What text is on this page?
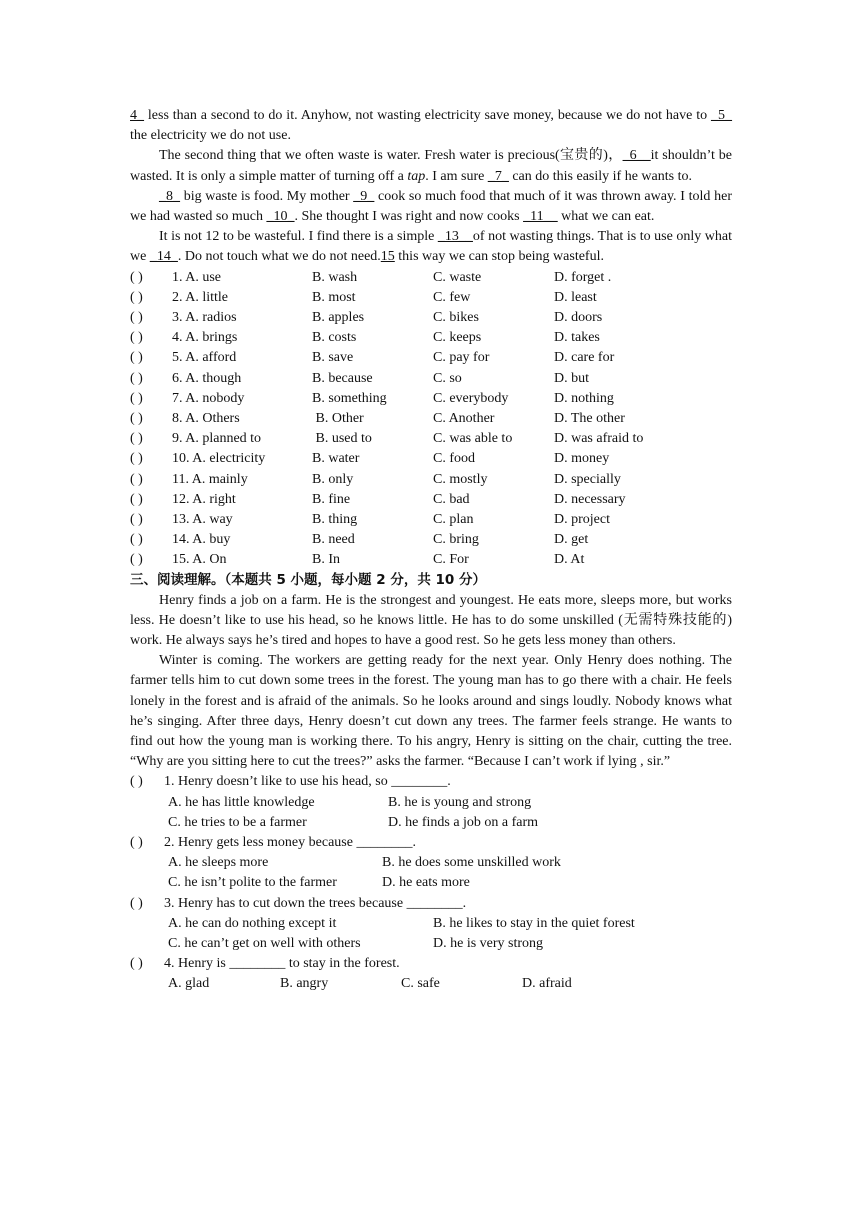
4_ less than a second to do it. Anyhow, not wasting electricity save money, because we do not have to _5_ the electricity we do not use.

The second thing that we often waste is water. Fresh water is precious(宝贵的)，_6__it shouldn’t be wasted. It is only a simple matter of turning off a tap. I am sure _7_ can do this easily if he wants to.

_8_ big waste is food. My mother _9_ cook so much food that much of it was thrown away. I told her we had wasted so much _10_. She thought I was right and now cooks _11__ what we can eat.

It is not 12 to be wasteful. I find there is a simple _13__of not wasting things. That is to use only what we _14_. Do not touch what we do not need.15 this way we can stop being wasteful.

( )	1. A. use	B. wash	C. waste	D. forget .
( )	2. A. little	B. most	C. few	D. least
( )	3. A. radios	B. apples	C. bikes	D. doors
( )	4. A. brings	B. costs	C. keeps	D. takes
( )	5. A. afford	B. save	C. pay for	D. care for
( )	6. A. though	B. because	C. so	D. but
( )	7. A. nobody	B. something	C. everybody	D. nothing
( )	8. A. Others	B. Other	C. Another	D. The other
( )	9. A. planned to	B. used to	C. was able to	D. was afraid to
( )	10. A. electricity	B. water	C. food	D. money
( )	11. A. mainly	B. only	C. mostly	D. specially
( )	12. A. right	B. fine	C. bad	D. necessary
( )	13. A. way	B. thing	C. plan	D. project
( )	14. A. buy	B. need	C. bring	D. get
( )	15. A. On	B. In	C. For	D. At
三、阅读理解。（本题共 5 小题，每小题 2 分，共 10 分）

Henry finds a job on a farm. He is the strongest and youngest. He eats more, sleeps more, but works less. He doesn’t like to use his head, so he knows little. He has to do some unskilled (无需特殊技能的) work. He always says he’s tired and hopes to have a good rest. So he gets less money than others.

Winter is coming. The workers are getting ready for the next year. Only Henry does nothing. The farmer tells him to cut down some trees in the forest. The young man has to go there with a chair. He feels lonely in the forest and is afraid of the animals. So he looks around and sings loudly. Nobody knows what he’s singing. After three days, Henry doesn’t cut down any trees. The farmer feels strange. He wants to find out how the young man is working there. To his angry, Henry is sitting on the chair, cutting the tree. “Why are you sitting here to cut the trees?” asks the farmer. “Because I can’t work if lying , sir.”

( )	1. Henry doesn’t like to use his head, so ________.
A. he has little knowledge	B. he is young and strong
C. he tries to be a farmer	D. he finds a job on a farm
( )	2. Henry gets less money because ________.
A. he sleeps more	B. he does some unskilled work
C. he isn’t polite to the farmer	D. he eats more
( )	3. Henry has to cut down the trees because ________.
A. he can do nothing except it	B. he likes to stay in the quiet forest
C. he can’t get on well with others	D. he is very strong
( )	4. Henry is ________ to stay in the forest.
A. glad	B. angry	C. safe	D. afraid
